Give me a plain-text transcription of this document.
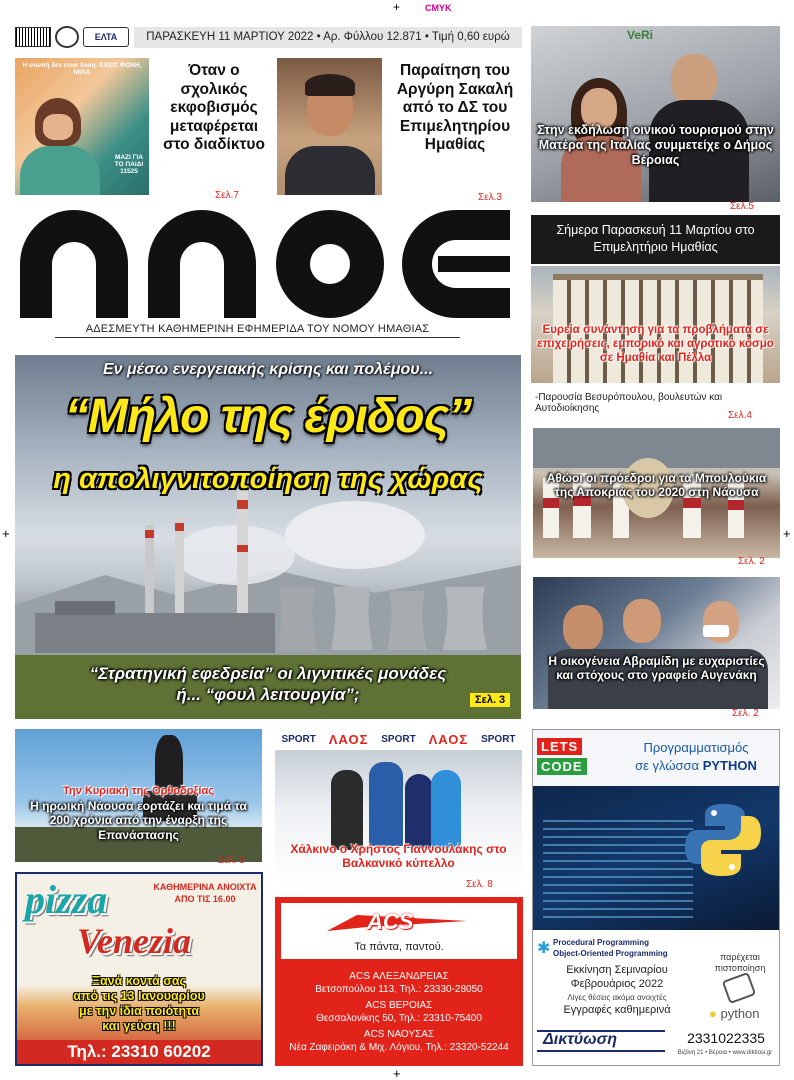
+	CMYK
+	+
+
ΕΛΤΑ	ΠΑΡΑΣΚΕΥΗ 11 ΜΑΡΤΙΟΥ 2022 • Αρ. Φύλλου 12.871 • Τιμή 0,60 ευρώ
Η σιωπή δεν είναι λύση. ΕΧΕΙΣ ΦΩΝΗ, ΜΙΛΑ
ΜΑΖΙ ΓΙΑ ΤΟ ΠΑΙΔΙ 11525
Όταν ο σχολικός εκφοβισμός μεταφέρεται στο διαδίκτυο
Σελ.7
Παραίτηση του Αργύρη Σακαλή από το ΔΣ του Επιμελητηρίου Ημαθίας
Σελ.3
VeRi
Στην εκδήλωση οινικού τουρισμού στην Ματέρα της Ιταλίας συμμετείχε ο Δήμος Βέροιας
Σελ.5
ΑΔΕΣΜΕΥΤΗ ΚΑΘΗΜΕΡΙΝΗ ΕΦΗΜΕΡΙΔΑ ΤΟΥ ΝΟΜΟΥ ΗΜΑΘΙΑΣ
Σήμερα Παρασκευή 11 Μαρτίου στο Επιμελητήριο Ημαθίας
Ευρεία συνάντηση για τα προβλήματα σε επιχειρήσεις, εμπορικό και αγροτικό κόσμο σε Ημαθία και Πέλλα
-Παρουσία Βεσυρόπουλου, βουλευτών και Αυτοδιοίκησης
Σελ.4
Εν μέσω ενεργειακής κρίσης και πολέμου...
“Μήλο της έριδος”
η απολιγνιτοποίηση της χώρας
“Στρατηγική εφεδρεία” οι λιγνιτικές μονάδες
ή... “φουλ λειτουργία”;	Σελ. 3
Αθώοι οι πρόεδροι για τα Μπουλούκια της Αποκριάς του 2020 στη Νάουσα
Σελ. 2
Η οικογένεια Αβραμίδη με ευχαριστίες και στόχους στο γραφείο Αυγενάκη
Σελ. 2
Την Κυριακή της Ορθοδοξίας
Η ηρωική Νάουσα εορτάζει και τιμά τα 200 χρόνια από την έναρξη της Επανάστασης
Σελ. 3
SPORT ΛΑΟΣ SPORT ΛΑΟΣ SPORT
Χάλκινο ο Χρήστος Γιαννουλάκης στο Βαλκανικό κύπελλο
Σελ. 8
LETS
CODE
Προγραμματισμός
σε γλώσσα PYTHON
✱ Procedural Programming
Object-Oriented Programming
Εκκίνηση Σεμιναρίου
Φεβρουάριος 2022
Λίγες θέσεις ακόμα ανοιχτές
Εγγραφές καθημερινά
παρέχεται
πιστοποίηση
● python
Δικτύωση	2331022335
Βιζάνη 21 • Βέροια • www.diktiosi.gr
pizza
Venezia
ΚΑΘΗΜΕΡΙΝΑ ΑΝΟΙΧΤΑ
ΑΠΟ ΤΙΣ 16.00
Ξανά κοντά σας
από τις 13 Ιανουαρίου
με την ίδια ποιότητα
και γεύση !!!
Τηλ.: 23310 60202
ACS
Τα πάντα, παντού.
ACS ΑΛΕΞΑΝΔΡΕΙΑΣ
Βετσοπούλου 113, Τηλ.: 23330-28050
ACS ΒΕΡΟΙΑΣ
Θεσσαλονίκης 50, Τηλ.: 23310-75400
ACS ΝΑΟΥΣΑΣ
Νέα Ζαφειράκη & Μιχ. Λόγιου, Τηλ.: 23320-52244
